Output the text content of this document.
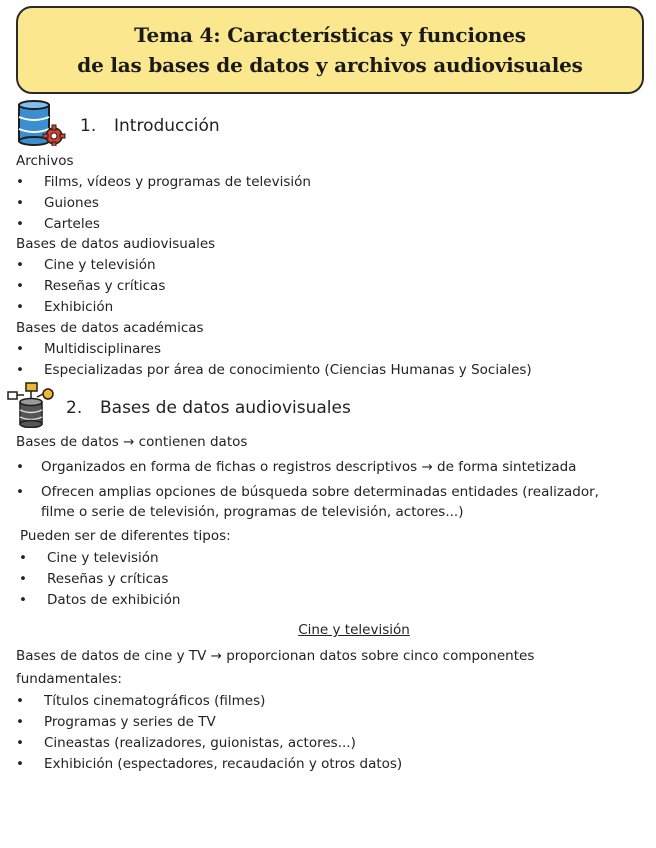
Tema 4: Características y funciones
de las bases de datos y archivos audiovisuales
1. Introducción
Archivos
• Films, vídeos y programas de televisión
• Guiones
• Carteles
Bases de datos audiovisuales
• Cine y televisión
• Reseñas y críticas
• Exhibición
Bases de datos académicas
• Multidisciplinares
• Especializadas por área de conocimiento (Ciencias Humanas y Sociales)
2. Bases de datos audiovisuales
Bases de datos → contienen datos
• Organizados en forma de fichas o registros descriptivos → de forma sintetizada
• Ofrecen amplias opciones de búsqueda sobre determinadas entidades (realizador,
filme o serie de televisión, programas de televisión, actores...)
Pueden ser de diferentes tipos:
• Cine y televisión
• Reseñas y críticas
• Datos de exhibición
Cine y televisión
Bases de datos de cine y TV → proporcionan datos sobre cinco componentes
fundamentales:
• Títulos cinematográficos (filmes)
• Programas y series de TV
• Cineastas (realizadores, guionistas, actores...)
• Exhibición (espectadores, recaudación y otros datos)
